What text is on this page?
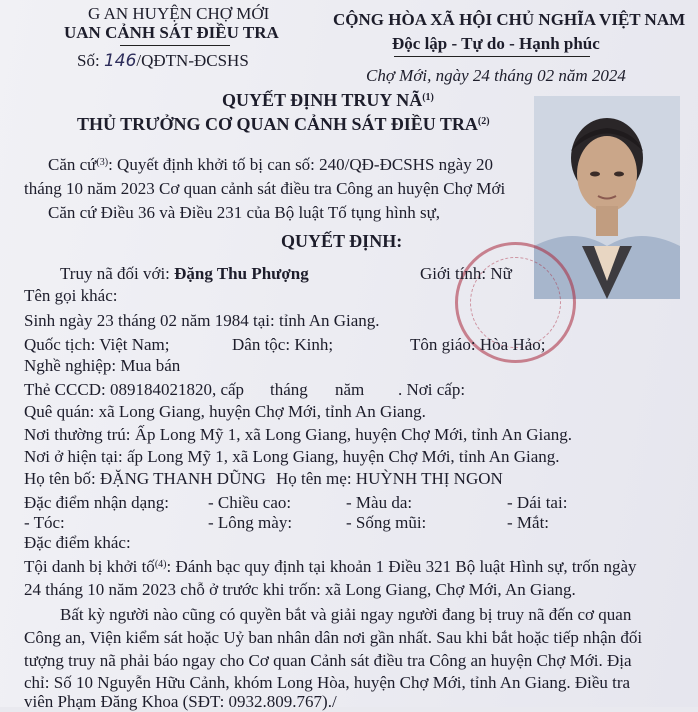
G AN HUYỆN CHỢ MỚI
UAN CẢNH SÁT ĐIỀU TRA
Số: 146/QĐTN-ĐCSHS
CỘNG HÒA XÃ HỘI CHỦ NGHĨA VIỆT NAM
Độc lập - Tự do - Hạnh phúc
Chợ Mới, ngày 24 tháng 02 năm 2024
QUYẾT ĐỊNH TRUY NÃ$^{(1)}$
THỦ TRƯỞNG CƠ QUAN CẢNH SÁT ĐIỀU TRA$^{(2)}$
Căn cứ$^{(3)}$: Quyết định khởi tố bị can số: 240/QĐ-ĐCSHS ngày 20
tháng 10 năm 2023 Cơ quan cảnh sát điều tra Công an huyện Chợ Mới
Căn cứ Điều 36 và Điều 231 của Bộ luật Tố tụng hình sự,
QUYẾT ĐỊNH:
Truy nã đối với: Đặng Thu Phượng	Giới tính: Nữ
Tên gọi khác:
Sinh ngày 23 tháng 02 năm 1984 tại: tỉnh An Giang.
Quốc tịch: Việt Nam;	Dân tộc: Kinh;	Tôn giáo: Hòa Hảo;
Nghề nghiệp: Mua bán
Thẻ CCCD: 089184021820, cấp tháng năm . Nơi cấp:
Quê quán: xã Long Giang, huyện Chợ Mới, tỉnh An Giang.
Nơi thường trú: Ấp Long Mỹ 1, xã Long Giang, huyện Chợ Mới, tỉnh An Giang.
Nơi ở hiện tại: ấp Long Mỹ 1, xã Long Giang, huyện Chợ Mới, tỉnh An Giang.
Họ tên bố: ĐẶNG THANH DŨNG Họ tên mẹ: HUỲNH THỊ NGON
Đặc điểm nhận dạng: - Chiều cao:	- Màu da:	- Dái tai:
- Tóc:	- Lông mày:	- Sống mũi:	- Mắt:
Đặc điểm khác:
Tội danh bị khởi tố$^{(4)}$: Đánh bạc quy định tại khoản 1 Điều 321 Bộ luật Hình sự, trốn ngày
24 tháng 10 năm 2023 chỗ ở trước khi trốn: xã Long Giang, Chợ Mới, An Giang.
Bất kỳ người nào cũng có quyền bắt và giải ngay người đang bị truy nã đến cơ quan
Công an, Viện kiểm sát hoặc Uỷ ban nhân dân nơi gần nhất. Sau khi bắt hoặc tiếp nhận đối
tượng truy nã phải báo ngay cho Cơ quan Cảnh sát điều tra Công an huyện Chợ Mới. Địa
chỉ: Số 10 Nguyễn Hữu Cảnh, khóm Long Hòa, huyện Chợ Mới, tỉnh An Giang. Điều tra
viên Phạm Đăng Khoa (SĐT: 0932.809.767)./
